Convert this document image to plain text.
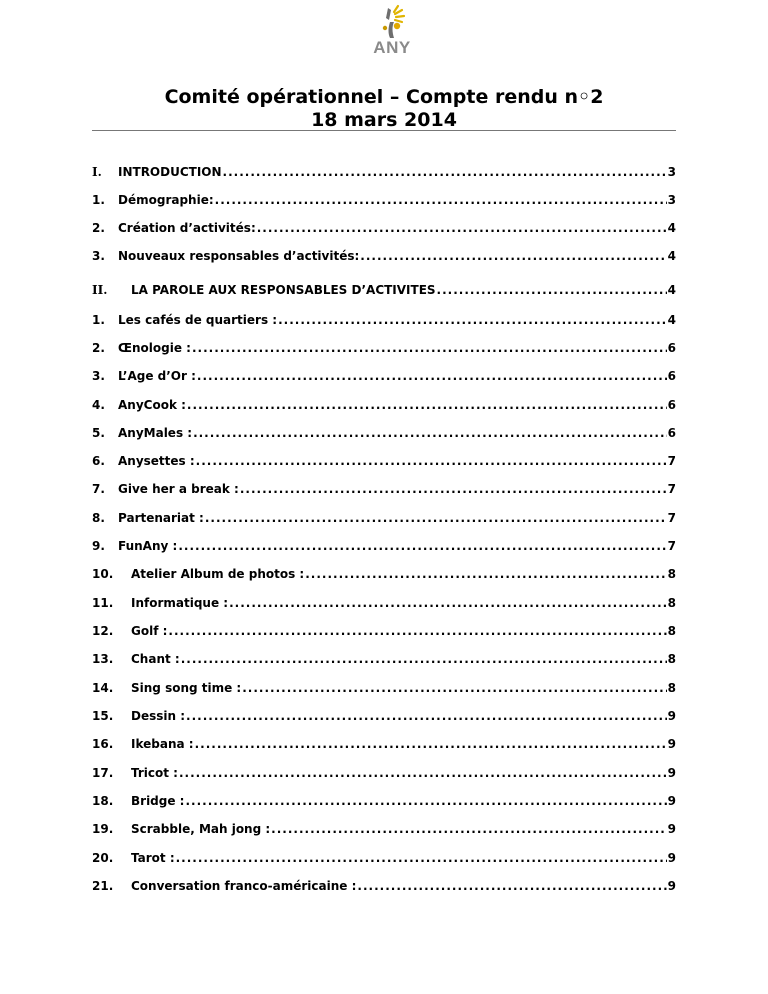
ANY
Comité opérationnel – Compte rendu n◦2
18 mars 2014
I.	INTRODUCTION .....	3
1.	Démographie: .....	3
2.	Création d’activités: .....	4
3.	Nouveaux responsables d’activités: .....	4
II.	LA PAROLE AUX RESPONSABLES D’ACTIVITES .....	4
1.	Les cafés de quartiers : .....	4
2.	Œnologie : .....	6
3.	L’Age d’Or : .....	6
4.	AnyCook : .....	6
5.	AnyMales : .....	6
6.	Anysettes : .....	7
7.	Give her a break : .....	7
8.	Partenariat : .....	7
9.	FunAny : .....	7
10.	Atelier Album de photos : .....	8
11.	Informatique : .....	8
12.	Golf : .....	8
13.	Chant : .....	8
14.	Sing song time : .....	8
15.	Dessin : .....	9
16.	Ikebana : .....	9
17.	Tricot : .....	9
18.	Bridge : .....	9
19.	Scrabble, Mah jong : .....	9
20.	Tarot : .....	9
21.	Conversation franco-américaine : .....	9
